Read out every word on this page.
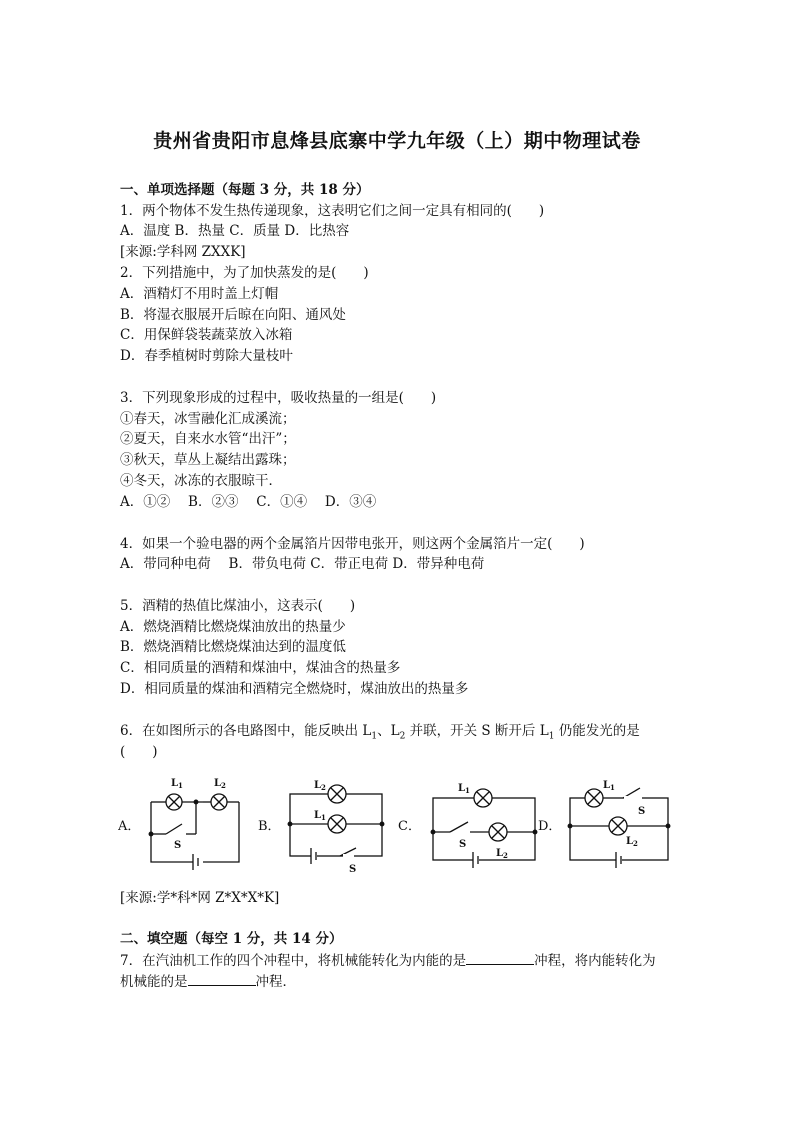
贵州省贵阳市息烽县底寨中学九年级（上）期中物理试卷
一、单项选择题（每题 3 分，共 18 分）
1．两个物体不发生热传递现象，这表明它们之间一定具有相同的(　　)
A．温度 B．热量 C．质量 D．比热容
[来源:学科网 ZXXK]
2．下列措施中，为了加快蒸发的是(　　)
A．酒精灯不用时盖上灯帽
B．将湿衣服展开后晾在向阳、通风处
C．用保鲜袋装蔬菜放入冰箱
D．春季植树时剪除大量枝叶
3．下列现象形成的过程中，吸收热量的一组是(　　)
①春天，冰雪融化汇成溪流；
②夏天，自来水水管“出汗”；
③秋天，草丛上凝结出露珠；
④冬天，冰冻的衣服晾干．
A．①②　 B．②③　 C．①④　 D．③④
4．如果一个验电器的两个金属箔片因带电张开，则这两个金属箔片一定(　　)
A．带同种电荷　 B．带负电荷 C．带正电荷 D．带异种电荷
5．酒精的热值比煤油小，这表示(　　)
A．燃烧酒精比燃烧煤油放出的热量少
B．燃烧酒精比燃烧煤油达到的温度低
C．相同质量的酒精和煤油中，煤油含的热量多
D．相同质量的煤油和酒精完全燃烧时，煤油放出的热量多
6．在如图所示的各电路图中，能反映出 $L_1$、$L_2$ 并联，开关 S 断开后 $L_1$ 仍能发光的是
(　　)
A．	B．	C．	D．
$L_1$	$L_2$
S
$L_2$
$L_1$
S
$L_1$
S
$L_2$
$L_1$
S
$L_2$
[来源:学*科*网 Z*X*X*K]
二、填空题（每空 1 分，共 14 分）
7．在汽油机工作的四个冲程中，将机械能转化为内能的是	冲程，将内能转化为
机械能的是	冲程．
